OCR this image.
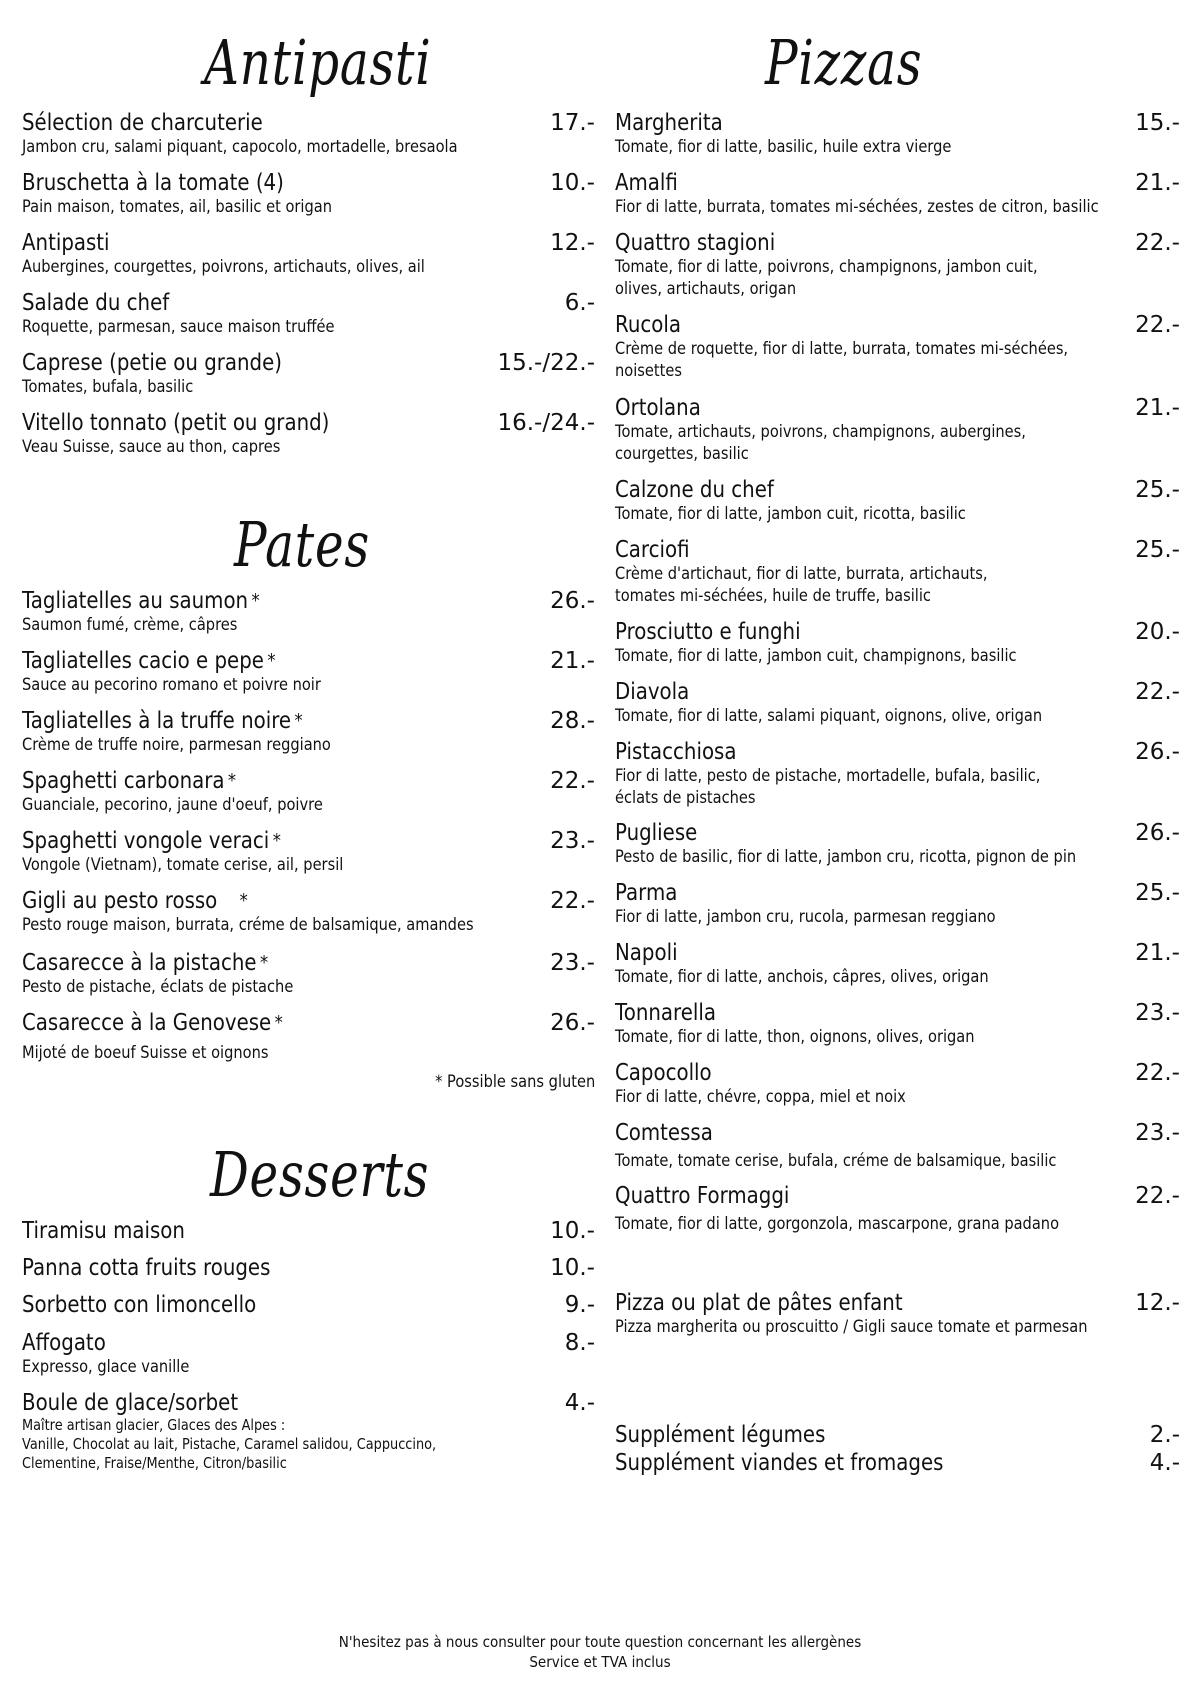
Antipasti
Sélection de charcuterie	17.-
Jambon cru, salami piquant, capocolo, mortadelle, bresaola
Bruschetta à la tomate (4)	10.-
Pain maison, tomates, ail, basilic et origan
Antipasti	12.-
Aubergines, courgettes, poivrons, artichauts, olives, ail
Salade du chef	6.-
Roquette, parmesan, sauce maison truffée
Caprese (petie ou grande)	15.-/22.-
Tomates, bufala, basilic
Vitello tonnato (petit ou grand)	16.-/24.-
Veau Suisse, sauce au thon, capres
Pates
Tagliatelles au saumon *	26.-
Saumon fumé, crème, câpres
Tagliatelles cacio e pepe *	21.-
Sauce au pecorino romano et poivre noir
Tagliatelles à la truffe noire *	28.-
Crème de truffe noire, parmesan reggiano
Spaghetti carbonara *	22.-
Guanciale, pecorino, jaune d'oeuf, poivre
Spaghetti vongole veraci *	23.-
Vongole (Vietnam), tomate cerise, ail, persil
Gigli au pesto rosso *	22.-
Pesto rouge maison, burrata, créme de balsamique, amandes
Casarecce à la pistache *	23.-
Pesto de pistache, éclats de pistache
Casarecce à la Genovese *	26.-
Mijoté de boeuf Suisse et oignons
* Possible sans gluten
Desserts
Tiramisu maison	10.-
Panna cotta fruits rouges	10.-
Sorbetto con limoncello	9.-
Affogato	8.-
Expresso, glace vanille
Boule de glace/sorbet	4.-
Maître artisan glacier, Glaces des Alpes :
Vanille, Chocolat au lait, Pistache, Caramel salidou, Cappuccino,
Clementine, Fraise/Menthe, Citron/basilic
Pizzas
Margherita	15.-
Tomate, fior di latte, basilic, huile extra vierge
Amalfi	21.-
Fior di latte, burrata, tomates mi-séchées, zestes de citron, basilic
Quattro stagioni	22.-
Tomate, fior di latte, poivrons, champignons, jambon cuit,
olives, artichauts, origan
Rucola	22.-
Crème de roquette, fior di latte, burrata, tomates mi-séchées,
noisettes
Ortolana	21.-
Tomate, artichauts, poivrons, champignons, aubergines,
courgettes, basilic
Calzone du chef	25.-
Tomate, fior di latte, jambon cuit, ricotta, basilic
Carciofi	25.-
Crème d'artichaut, fior di latte, burrata, artichauts,
tomates mi-séchées, huile de truffe, basilic
Prosciutto e funghi	20.-
Tomate, fior di latte, jambon cuit, champignons, basilic
Diavola	22.-
Tomate, fior di latte, salami piquant, oignons, olive, origan
Pistacchiosa	26.-
Fior di latte, pesto de pistache, mortadelle, bufala, basilic,
éclats de pistaches
Pugliese	26.-
Pesto de basilic, fior di latte, jambon cru, ricotta, pignon de pin
Parma	25.-
Fior di latte, jambon cru, rucola, parmesan reggiano
Napoli	21.-
Tomate, fior di latte, anchois, câpres, olives, origan
Tonnarella	23.-
Tomate, fior di latte, thon, oignons, olives, origan
Capocollo	22.-
Fior di latte, chévre, coppa, miel et noix
Comtessa	23.-
Tomate, tomate cerise, bufala, créme de balsamique, basilic
Quattro Formaggi	22.-
Tomate, fior di latte, gorgonzola, mascarpone, grana padano
Pizza ou plat de pâtes enfant	12.-
Pizza margherita ou proscuitto / Gigli sauce tomate et parmesan
Supplément légumes	2.-
Supplément viandes et fromages	4.-
N'hesitez pas à nous consulter pour toute question concernant les allergènes
Service et TVA inclus
